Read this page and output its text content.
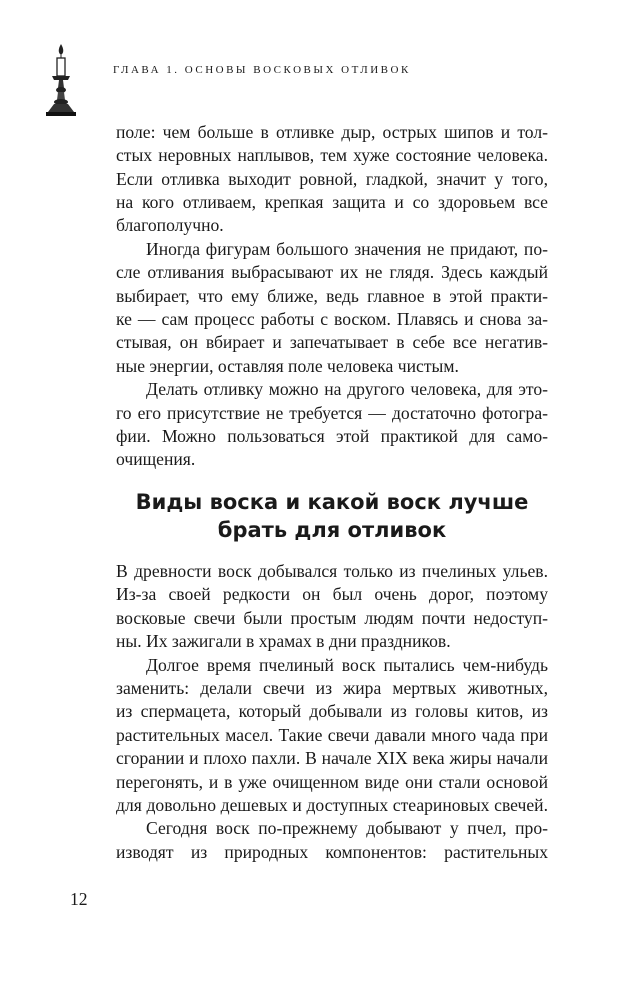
ГЛАВА 1. ОСНОВЫ ВОСКОВЫХ ОТЛИВОК
поле: чем больше в отливке дыр, острых шипов и тол-
стых неровных наплывов, тем хуже состояние человека.
Если отливка выходит ровной, гладкой, значит у того,
на кого отливаем, крепкая защита и со здоровьем все
благополучно.
Иногда фигурам большого значения не придают, по-
сле отливания выбрасывают их не глядя. Здесь каждый
выбирает, что ему ближе, ведь главное в этой практи-
ке — сам процесс работы с воском. Плавясь и снова за-
стывая, он вбирает и запечатывает в себе все негатив-
ные энергии, оставляя поле человека чистым.
Делать отливку можно на другого человека, для это-
го его присутствие не требуется — достаточно фотогра-
фии. Можно пользоваться этой практикой для само-
очищения.
Виды воска и какой воск лучше
брать для отливок
В древности воск добывался только из пчелиных ульев.
Из-за своей редкости он был очень дорог, поэтому
восковые свечи были простым людям почти недоступ-
ны. Их зажигали в храмах в дни праздников.
Долгое время пчелиный воск пытались чем-нибудь
заменить: делали свечи из жира мертвых животных,
из спермацета, который добывали из головы китов, из
растительных масел. Такие свечи давали много чада при
сгорании и плохо пахли. В начале XIX века жиры начали
перегонять, и в уже очищенном виде они стали основой
для довольно дешевых и доступных стеариновых свечей.
Сегодня воск по-прежнему добывают у пчел, про-
изводят из природных компонентов: растительных
12
